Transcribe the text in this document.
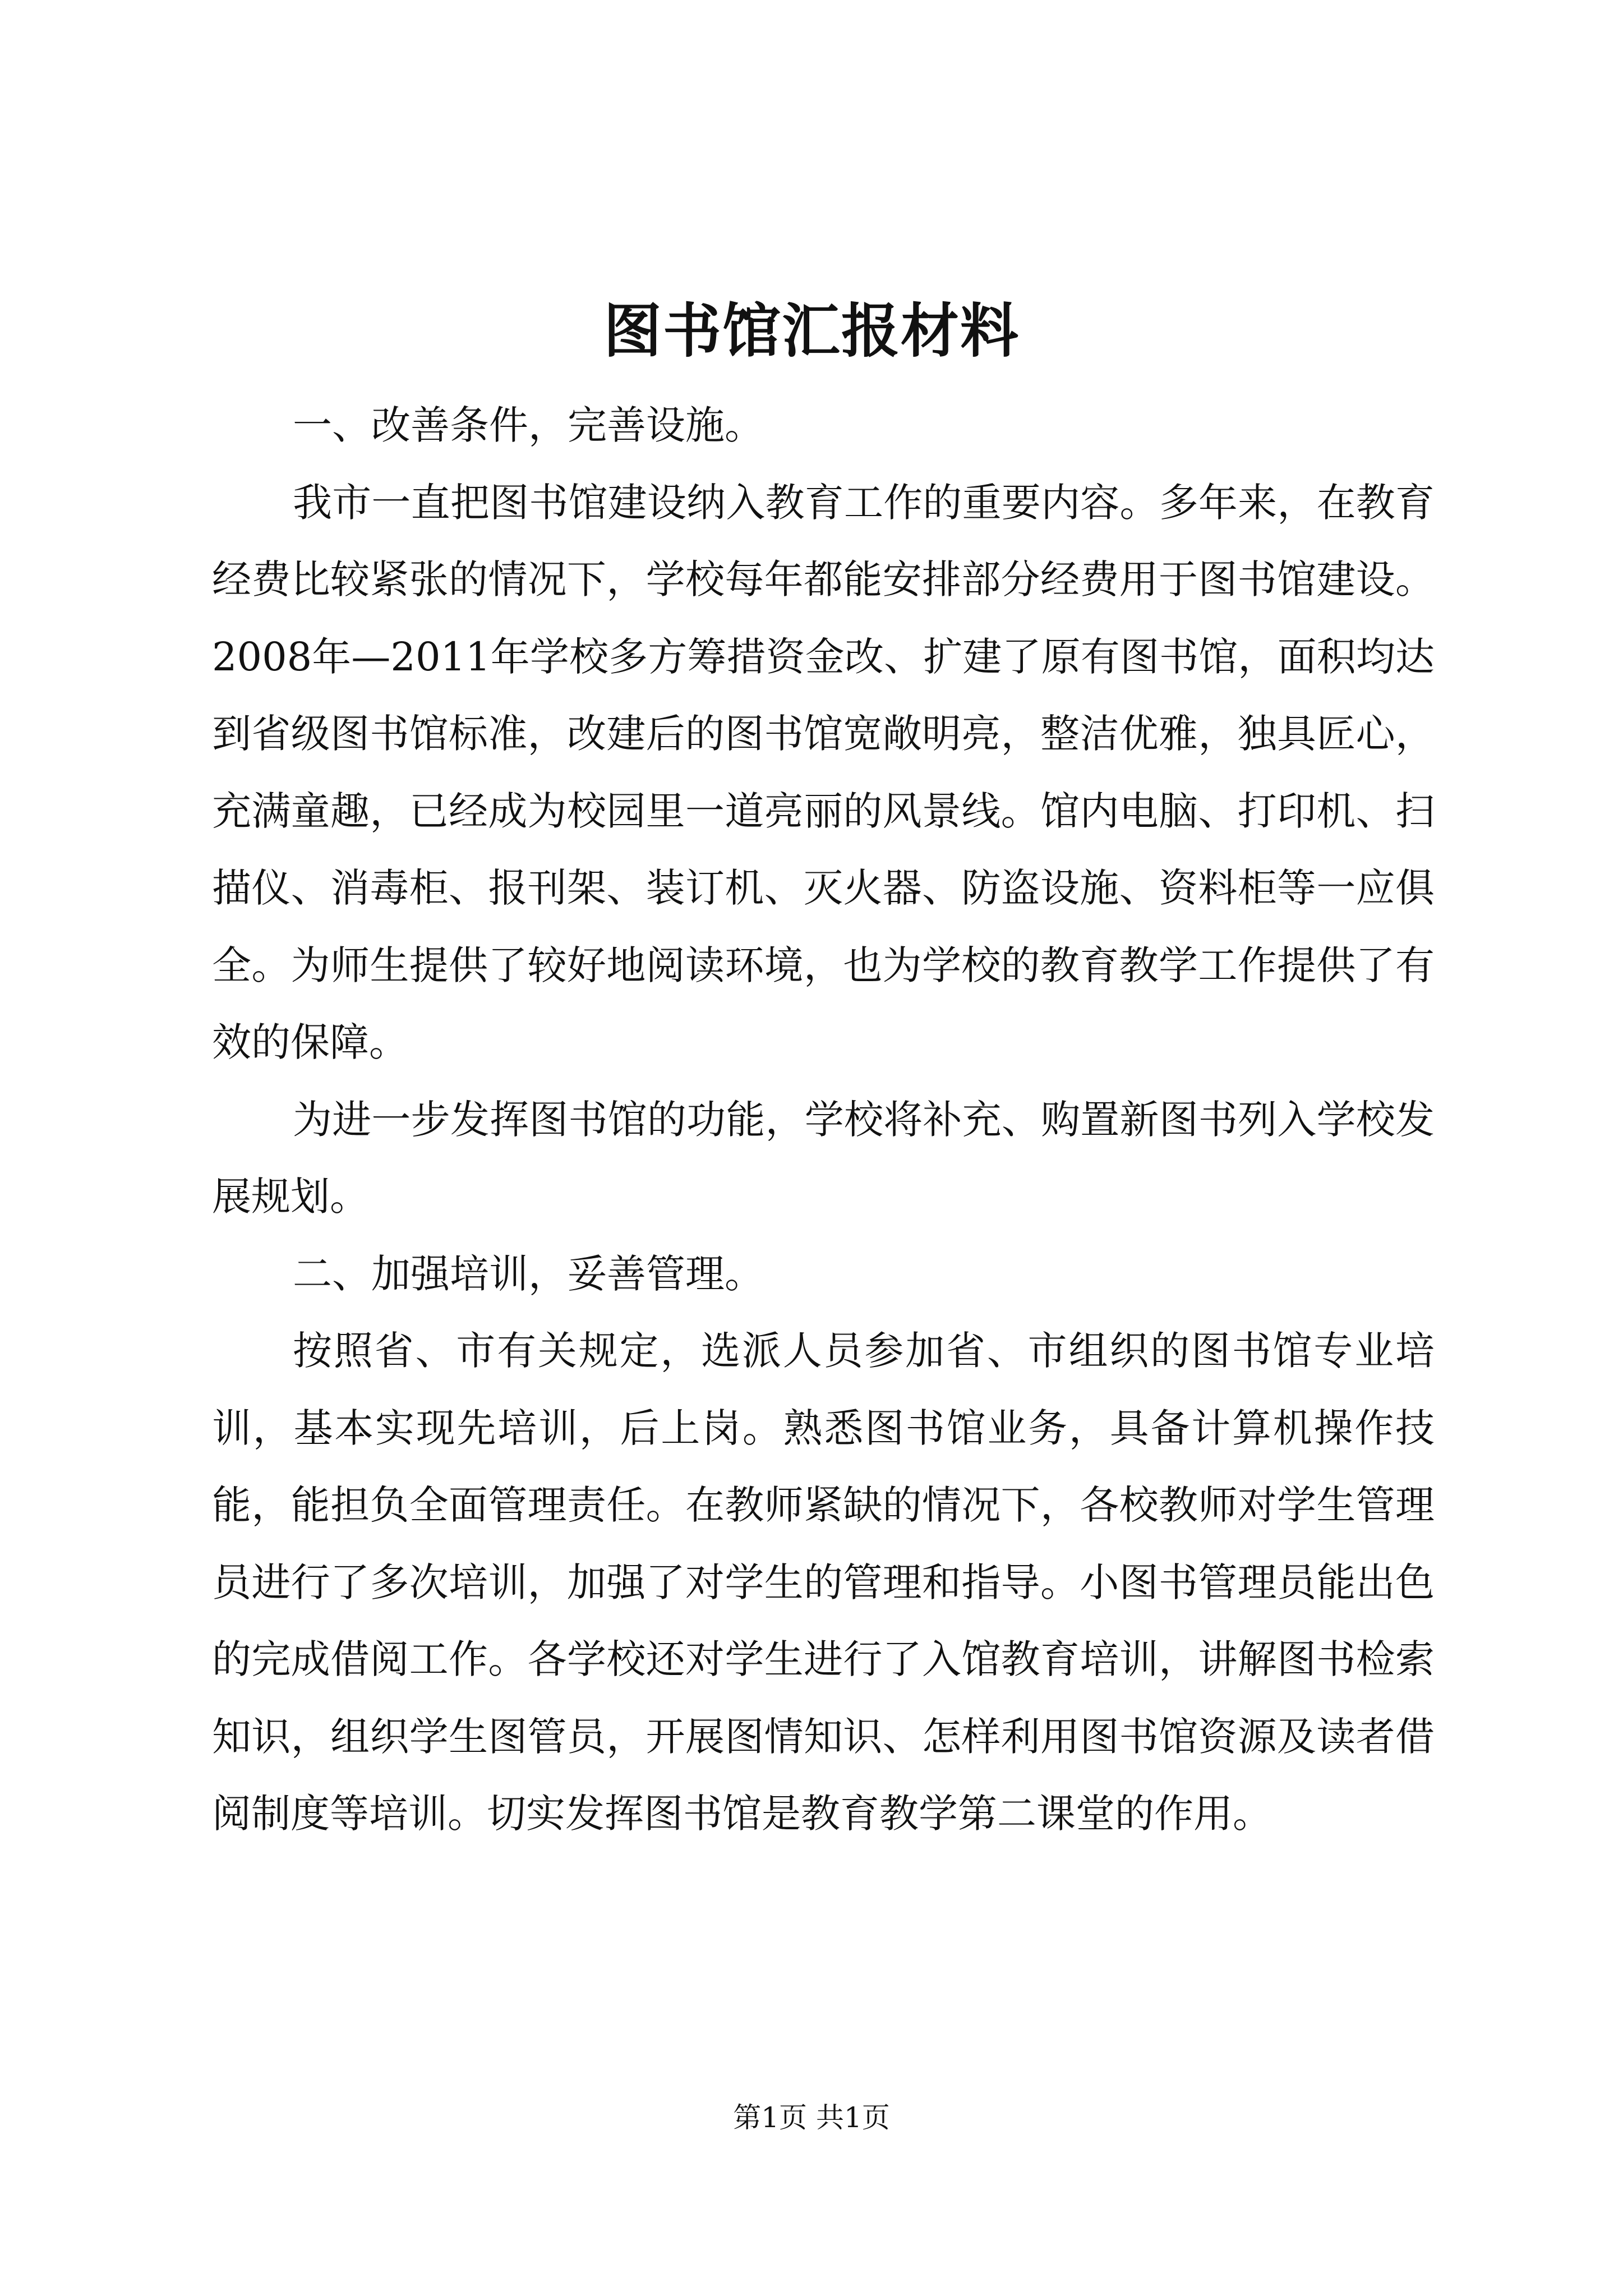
图书馆汇报材料

一、改善条件，完善设施。

我市一直把图书馆建设纳入教育工作的重要内容。多年来，在教育经费比较紧张的情况下，学校每年都能安排部分经费用于图书馆建设。2008年—2011年学校多方筹措资金改、扩建了原有图书馆，面积均达到省级图书馆标准，改建后的图书馆宽敞明亮，整洁优雅，独具匠心，充满童趣，已经成为校园里一道亮丽的风景线。馆内电脑、打印机、扫描仪、消毒柜、报刊架、装订机、灭火器、防盗设施、资料柜等一应俱全。为师生提供了较好地阅读环境，也为学校的教育教学工作提供了有效的保障。

为进一步发挥图书馆的功能，学校将补充、购置新图书列入学校发展规划。

二、加强培训，妥善管理。

按照省、市有关规定，选派人员参加省、市组织的图书馆专业培训，基本实现先培训，后上岗。熟悉图书馆业务，具备计算机操作技能，能担负全面管理责任。在教师紧缺的情况下，各校教师对学生管理员进行了多次培训，加强了对学生的管理和指导。小图书管理员能出色的完成借阅工作。各学校还对学生进行了入馆教育培训，讲解图书检索知识，组织学生图管员，开展图情知识、怎样利用图书馆资源及读者借阅制度等培训。切实发挥图书馆是教育教学第二课堂的作用。

第1页 共1页
